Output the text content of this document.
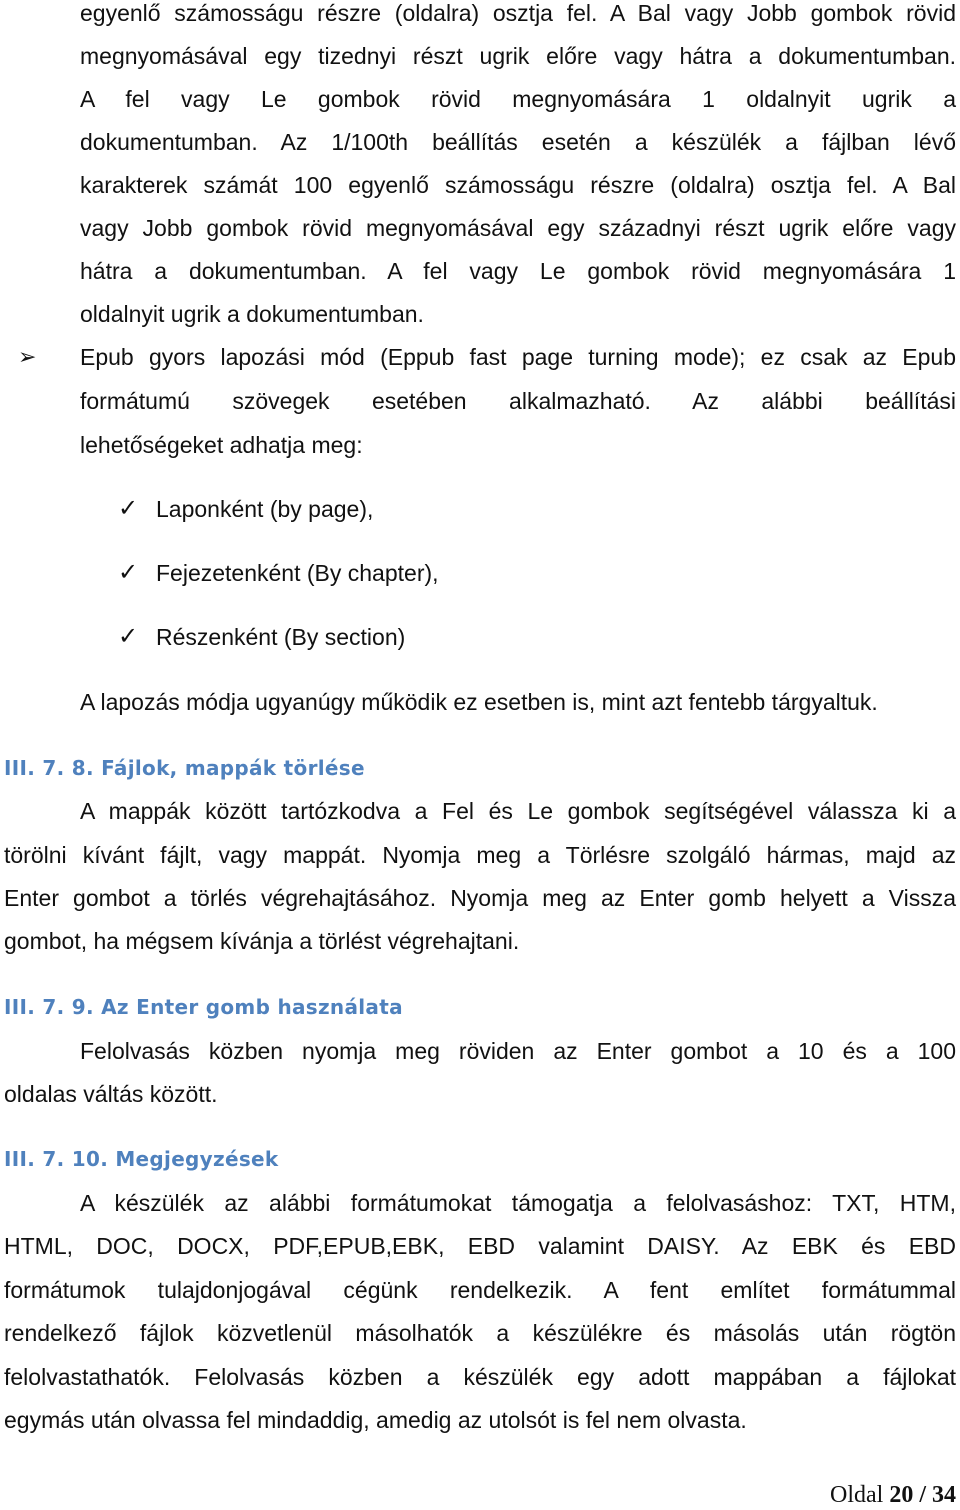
egyenlő számosságu részre (oldalra) osztja fel. A Bal vagy Jobb gombok rövid
megnyomásával egy tizednyi részt ugrik előre vagy hátra a dokumentumban.
A fel vagy Le gombok rövid megnyomására 1 oldalnyit ugrik a
dokumentumban. Az 1/100th beállítás esetén a készülék a fájlban lévő
karakterek számát 100 egyenlő számosságu részre (oldalra) osztja fel. A Bal
vagy Jobb gombok rövid megnyomásával egy századnyi részt ugrik előre vagy
hátra a dokumentumban. A fel vagy Le gombok rövid megnyomására 1
oldalnyit ugrik a dokumentumban.
➢ Epub gyors lapozási mód (Eppub fast page turning mode); ez csak az Epub
formátumú szövegek esetében alkalmazható. Az alábbi beállítási
lehetőségeket adhatja meg:
✓ Laponként (by page),
✓ Fejezetenként (By chapter),
✓ Részenként (By section)
A lapozás módja ugyanúgy működik ez esetben is, mint azt fentebb tárgyaltuk.
III. 7. 8. Fájlok, mappák törlése
A mappák között tartózkodva a Fel és Le gombok segítségével válassza ki a
törölni kívánt fájlt, vagy mappát. Nyomja meg a Törlésre szolgáló hármas, majd az
Enter gombot a törlés végrehajtásához. Nyomja meg az Enter gomb helyett a Vissza
gombot, ha mégsem kívánja a törlést végrehajtani.
III. 7. 9. Az Enter gomb használata
Felolvasás közben nyomja meg röviden az Enter gombot a 10 és a 100
oldalas váltás között.
III. 7. 10. Megjegyzések
A készülék az alábbi formátumokat támogatja a felolvasáshoz: TXT, HTM,
HTML, DOC, DOCX, PDF,EPUB,EBK, EBD valamint DAISY. Az EBK és EBD
formátumok tulajdonjogával cégünk rendelkezik. A fent említet formátummal
rendelkező fájlok közvetlenül másolhatók a készülékre és másolás után rögtön
felolvastathatók. Felolvasás közben a készülék egy adott mappában a fájlokat
egymás után olvassa fel mindaddig, amedig az utolsót is fel nem olvasta.
Oldal 20 / 34
